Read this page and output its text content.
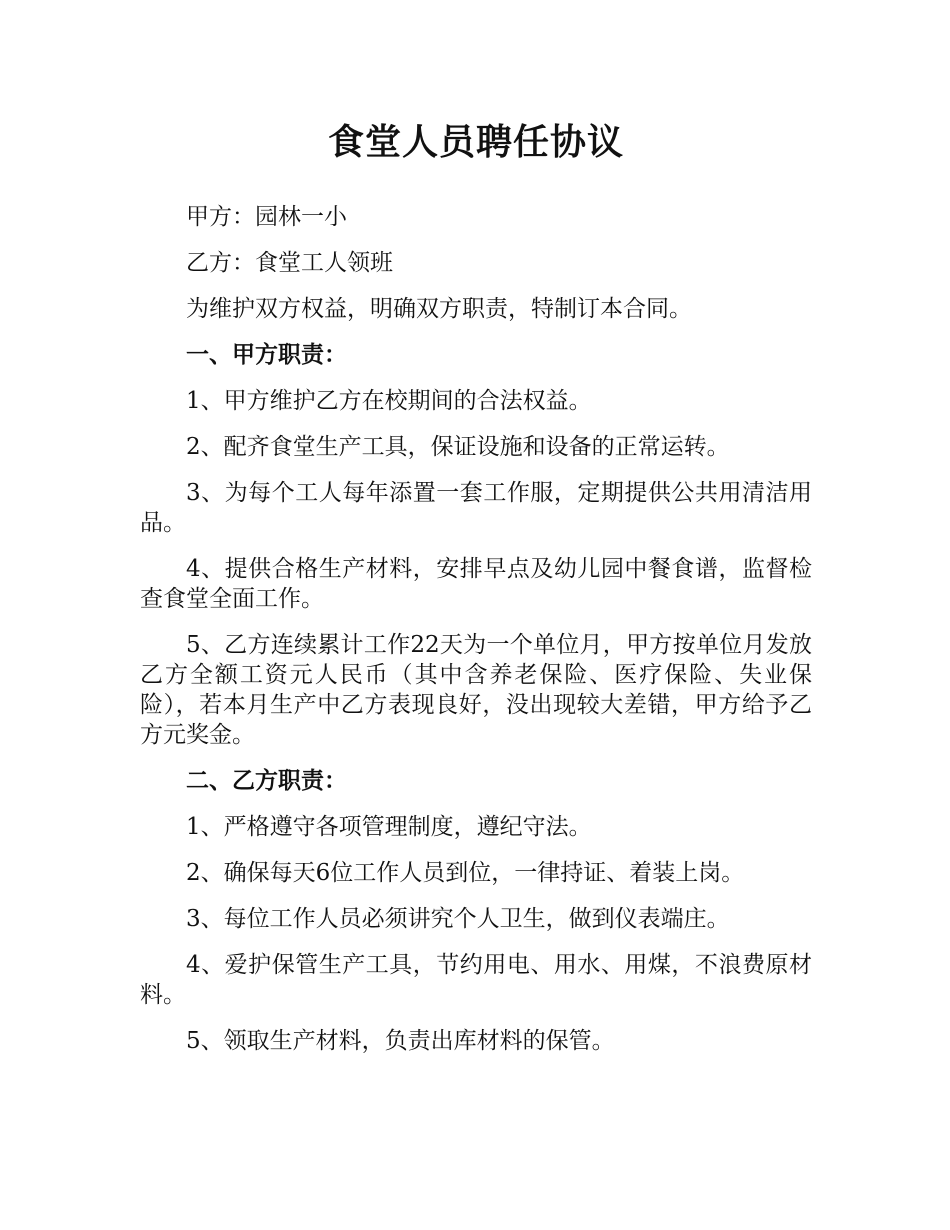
食堂人员聘任协议

甲方：园林一小

乙方：食堂工人领班

为维护双方权益，明确双方职责，特制订本合同。

一、甲方职责：

1、甲方维护乙方在校期间的合法权益。

2、配齐食堂生产工具，保证设施和设备的正常运转。

3、为每个工人每年添置一套工作服，定期提供公共用清洁用品。

4、提供合格生产材料，安排早点及幼儿园中餐食谱，监督检查食堂全面工作。

5、乙方连续累计工作22天为一个单位月，甲方按单位月发放乙方全额工资元人民币（其中含养老保险、医疗保险、失业保险），若本月生产中乙方表现良好，没出现较大差错，甲方给予乙方元奖金。

二、乙方职责：

1、严格遵守各项管理制度，遵纪守法。

2、确保每天6位工作人员到位，一律持证、着装上岗。

3、每位工作人员必须讲究个人卫生，做到仪表端庄。

4、爱护保管生产工具，节约用电、用水、用煤，不浪费原材料。

5、领取生产材料，负责出库材料的保管。
